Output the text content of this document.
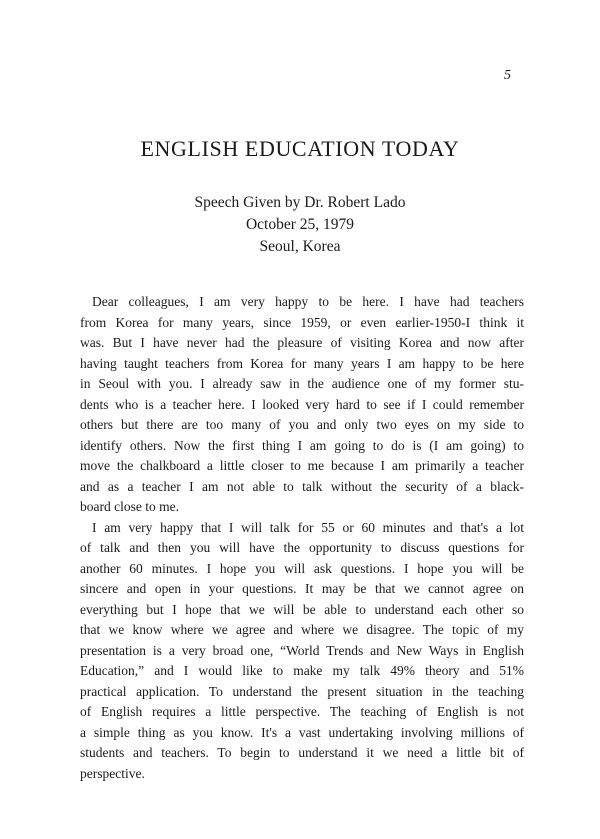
5
ENGLISH EDUCATION TODAY
Speech Given by Dr. Robert Lado
October 25, 1979
Seoul, Korea
Dear colleagues, I am very happy to be here. I have had teachers
from Korea for many years, since 1959, or even earlier-1950-I think it
was. But I have never had the pleasure of visiting Korea and now after
having taught teachers from Korea for many years I am happy to be here
in Seoul with you. I already saw in the audience one of my former stu-
dents who is a teacher here. I looked very hard to see if I could remember
others but there are too many of you and only two eyes on my side to
identify others. Now the first thing I am going to do is (I am going) to
move the chalkboard a little closer to me because I am primarily a teacher
and as a teacher I am not able to talk without the security of a black-
board close to me.
I am very happy that I will talk for 55 or 60 minutes and that's a lot
of talk and then you will have the opportunity to discuss questions for
another 60 minutes. I hope you will ask questions. I hope you will be
sincere and open in your questions. It may be that we cannot agree on
everything but I hope that we will be able to understand each other so
that we know where we agree and where we disagree. The topic of my
presentation is a very broad one, “World Trends and New Ways in English
Education,” and I would like to make my talk 49% theory and 51%
practical application. To understand the present situation in the teaching
of English requires a little perspective. The teaching of English is not
a simple thing as you know. It's a vast undertaking involving millions of
students and teachers. To begin to understand it we need a little bit of
perspective.
